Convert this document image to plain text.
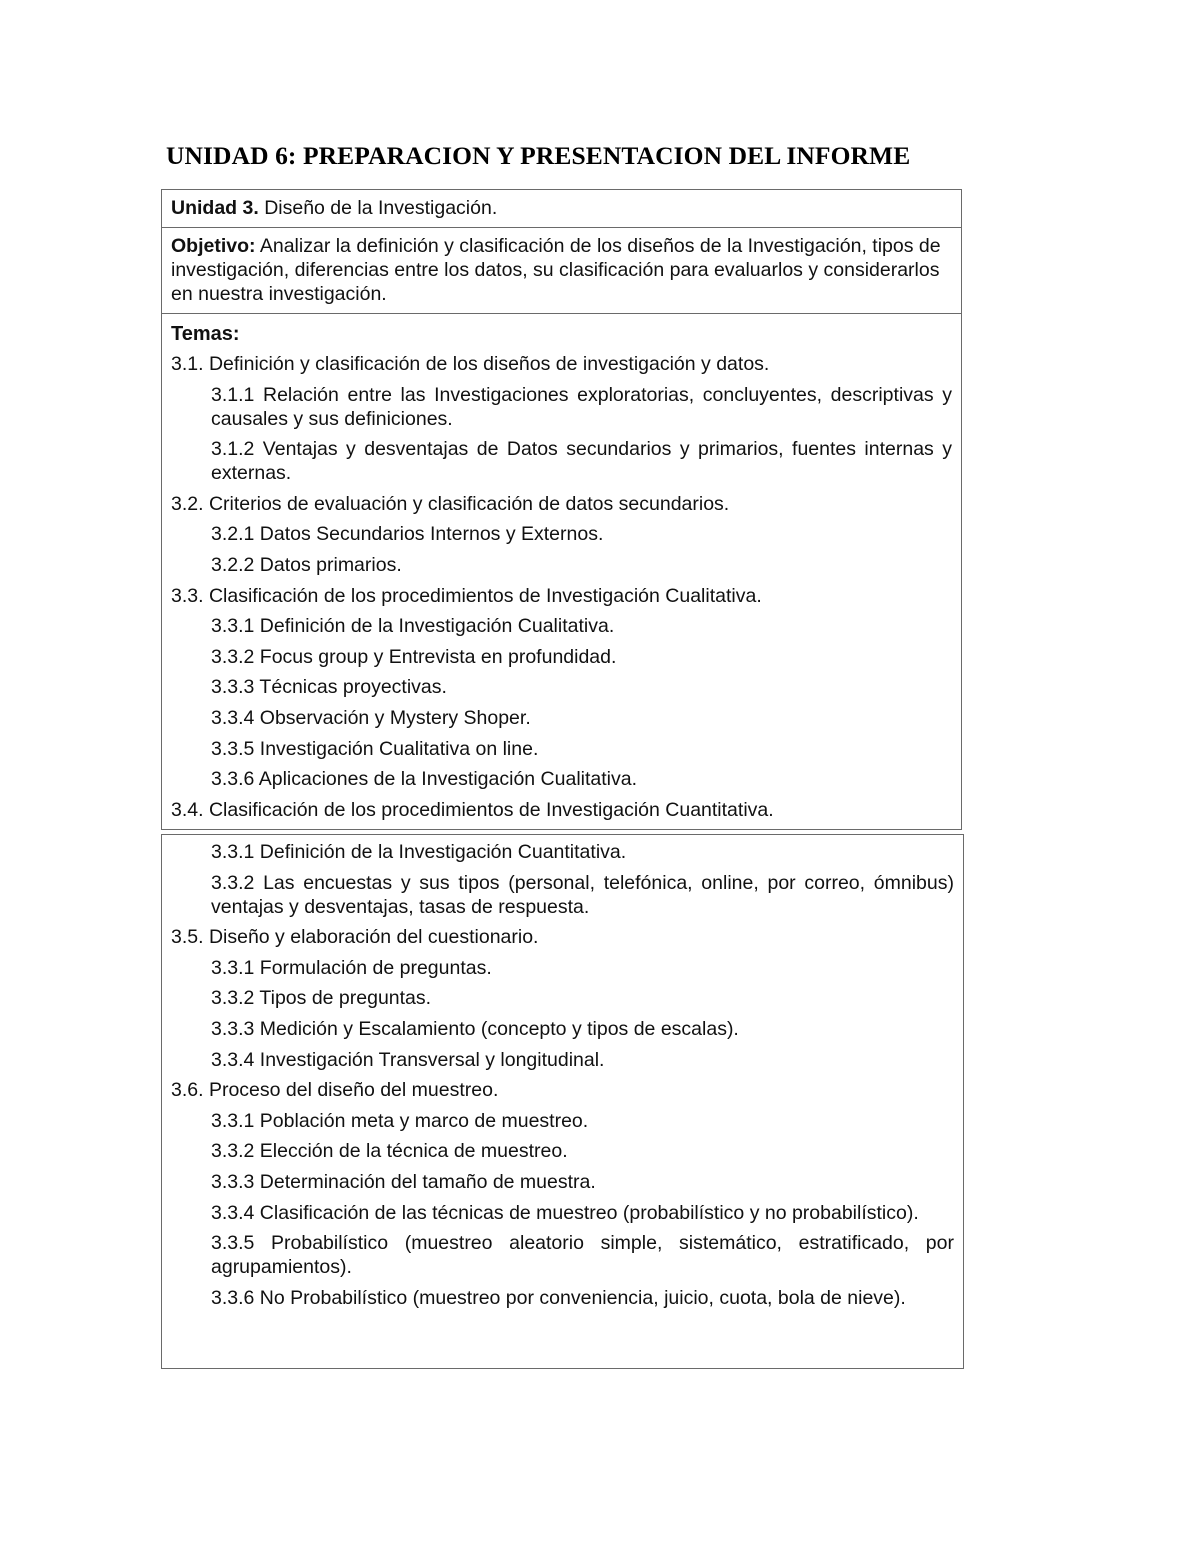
UNIDAD 6: PREPARACION Y PRESENTACION DEL INFORME
Unidad 3. Diseño de la Investigación.
Objetivo: Analizar la definición y clasificación de los diseños de la Investigación, tipos de investigación, diferencias entre los datos, su clasificación para evaluarlos y considerarlos en nuestra investigación.
Temas:
3.1. Definición y clasificación de los diseños de investigación y datos.
3.1.1 Relación entre las Investigaciones exploratorias, concluyentes, descriptivas y causales y sus definiciones.
3.1.2 Ventajas y desventajas de Datos secundarios y primarios, fuentes internas y externas.
3.2. Criterios de evaluación y clasificación de datos secundarios.
3.2.1 Datos Secundarios Internos y Externos.
3.2.2 Datos primarios.
3.3. Clasificación de los procedimientos de Investigación Cualitativa.
3.3.1 Definición de la Investigación Cualitativa.
3.3.2 Focus group y Entrevista en profundidad.
3.3.3 Técnicas proyectivas.
3.3.4 Observación y Mystery Shoper.
3.3.5 Investigación Cualitativa on line.
3.3.6 Aplicaciones de la Investigación Cualitativa.
3.4. Clasificación de los procedimientos de Investigación Cuantitativa.
3.3.1 Definición de la Investigación Cuantitativa.
3.3.2 Las encuestas y sus tipos (personal, telefónica, online, por correo, ómnibus) ventajas y desventajas, tasas de respuesta.
3.5. Diseño y elaboración del cuestionario.
3.3.1 Formulación de preguntas.
3.3.2 Tipos de preguntas.
3.3.3 Medición y Escalamiento (concepto y tipos de escalas).
3.3.4 Investigación Transversal y longitudinal.
3.6. Proceso del diseño del muestreo.
3.3.1 Población meta y marco de muestreo.
3.3.2 Elección de la técnica de muestreo.
3.3.3 Determinación del tamaño de muestra.
3.3.4 Clasificación de las técnicas de muestreo (probabilístico y no probabilístico).
3.3.5 Probabilístico (muestreo aleatorio simple, sistemático, estratificado, por agrupamientos).
3.3.6 No Probabilístico (muestreo por conveniencia, juicio, cuota, bola de nieve).
